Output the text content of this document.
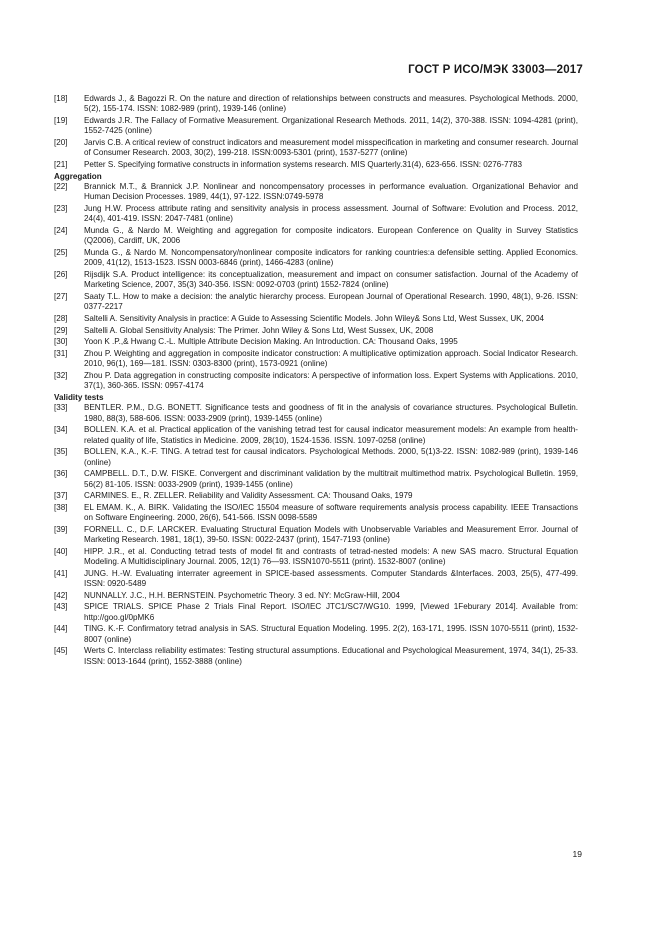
ГОСТ Р ИСО/МЭК 33003—2017
[18]	Edwards J., & Bagozzi R. On the nature and direction of relationships between constructs and measures. Psychological Methods. 2000, 5(2), 155-174. ISSN: 1082-989 (print), 1939-146 (online)
[19]	Edwards J.R. The Fallacy of Formative Measurement. Organizational Research Methods. 2011, 14(2), 370-388. ISSN: 1094-4281 (print), 1552-7425 (online)
[20]	Jarvis C.B. A critical review of construct indicators and measurement model misspecification in marketing and consumer research. Journal of Consumer Research. 2003, 30(2), 199-218. ISSN:0093-5301 (print), 1537-5277 (online)
[21]	Petter S. Specifying formative constructs in information systems research. MIS Quarterly.31(4), 623-656. ISSN: 0276-7783
Aggregation
[22]	Brannick M.T., & Brannick J.P. Nonlinear and noncompensatory processes in performance evaluation. Organizational Behavior and Human Decision Processes. 1989, 44(1), 97-122. ISSN:0749-5978
[23]	Jung H.W. Process attribute rating and sensitivity analysis in process assessment. Journal of Software: Evolution and Process. 2012, 24(4), 401-419. ISSN: 2047-7481 (online)
[24]	Munda G., & Nardo M. Weighting and aggregation for composite indicators. European Conference on Quality in Survey Statistics (Q2006), Cardiff, UK, 2006
[25]	Munda G., & Nardo M. Noncompensatory/nonlinear composite indicators for ranking countries:a defensible setting. Applied Economics. 2009, 41(12), 1513-1523. ISSN 0003-6846 (print), 1466-4283 (online)
[26]	Rijsdijk S.A. Product intelligence: its conceptualization, measurement and impact on consumer satisfaction. Journal of the Academy of Marketing Science, 2007, 35(3) 340-356. ISSN: 0092-0703 (print) 1552-7824 (online)
[27]	Saaty T.L. How to make a decision: the analytic hierarchy process. European Journal of Operational Research. 1990, 48(1), 9-26. ISSN: 0377-2217
[28]	Saltelli A. Sensitivity Analysis in practice: A Guide to Assessing Scientific Models. John Wiley& Sons Ltd, West Sussex, UK, 2004
[29]	Saltelli A. Global Sensitivity Analysis: The Primer. John Wiley & Sons Ltd, West Sussex, UK, 2008
[30]	Yoon K .P.,& Hwang C.-L. Multiple Attribute Decision Making. An Introduction. CA: Thousand Oaks, 1995
[31]	Zhou P. Weighting and aggregation in composite indicator construction: A multiplicative optimization approach. Social Indicator Research. 2010, 96(1), 169—181. ISSN: 0303-8300 (print), 1573-0921 (online)
[32]	Zhou P. Data aggregation in constructing composite indicators: A perspective of information loss. Expert Systems with Applications. 2010, 37(1), 360-365. ISSN: 0957-4174
Validity tests
[33]	BENTLER. P.M., D.G. BONETT. Significance tests and goodness of fit in the analysis of covariance structures. Psychological Bulletin. 1980, 88(3), 588-606. ISSN: 0033-2909 (print), 1939-1455 (online)
[34]	BOLLEN. K.A. et al. Practical application of the vanishing tetrad test for causal indicator measurement models: An example from health-related quality of life, Statistics in Medicine. 2009, 28(10), 1524-1536. ISSN. 1097-0258 (online)
[35]	BOLLEN, K.A., K.-F. TING. A tetrad test for causal indicators. Psychological Methods. 2000, 5(1)3-22. ISSN: 1082-989 (print), 1939-146 (online)
[36]	CAMPBELL. D.T., D.W. FISKE. Convergent and discriminant validation by the multitrait multimethod matrix. Psychological Bulletin. 1959, 56(2) 81-105. ISSN: 0033-2909 (print), 1939-1455 (online)
[37]	CARMINES. E., R. ZELLER. Reliability and Validity Assessment. CA: Thousand Oaks, 1979
[38]	EL EMAM. K., A. BIRK. Validating the ISO/IEC 15504 measure of software requirements analysis process capability. IEEE Transactions on Software Engineering. 2000, 26(6), 541-566. ISSN 0098-5589
[39]	FORNELL. C., D.F. LARCKER. Evaluating Structural Equation Models with Unobservable Variables and Measurement Error. Journal of Marketing Research. 1981, 18(1), 39-50. ISSN: 0022-2437 (print), 1547-7193 (online)
[40]	HIPP. J.R., et al. Conducting tetrad tests of model fit and contrasts of tetrad-nested models: A new SAS macro. Structural Equation Modeling. A Multidisciplinary Journal. 2005, 12(1) 76—93. ISSN1070-5511 (print). 1532-8007 (online)
[41]	JUNG. H.-W. Evaluating interrater agreement in SPICE-based assessments. Computer Standards &Interfaces. 2003, 25(5), 477-499. ISSN: 0920-5489
[42]	NUNNALLY. J.C., H.H. BERNSTEIN. Psychometric Theory. 3 ed. NY: McGraw-Hill, 2004
[43]	SPICE TRIALS. SPICE Phase 2 Trials Final Report. ISO/IEC JTC1/SC7/WG10. 1999, [Viewed 1Feburary 2014]. Available from: http://goo.gl/0pMK6
[44]	TING. K.-F. Confirmatory tetrad analysis in SAS. Structural Equation Modeling. 1995. 2(2), 163-171, 1995. ISSN 1070-5511 (print), 1532-8007 (online)
[45]	Werts C. Interclass reliability estimates: Testing structural assumptions. Educational and Psychological Measurement, 1974, 34(1), 25-33. ISSN: 0013-1644 (print), 1552-3888 (online)
19
